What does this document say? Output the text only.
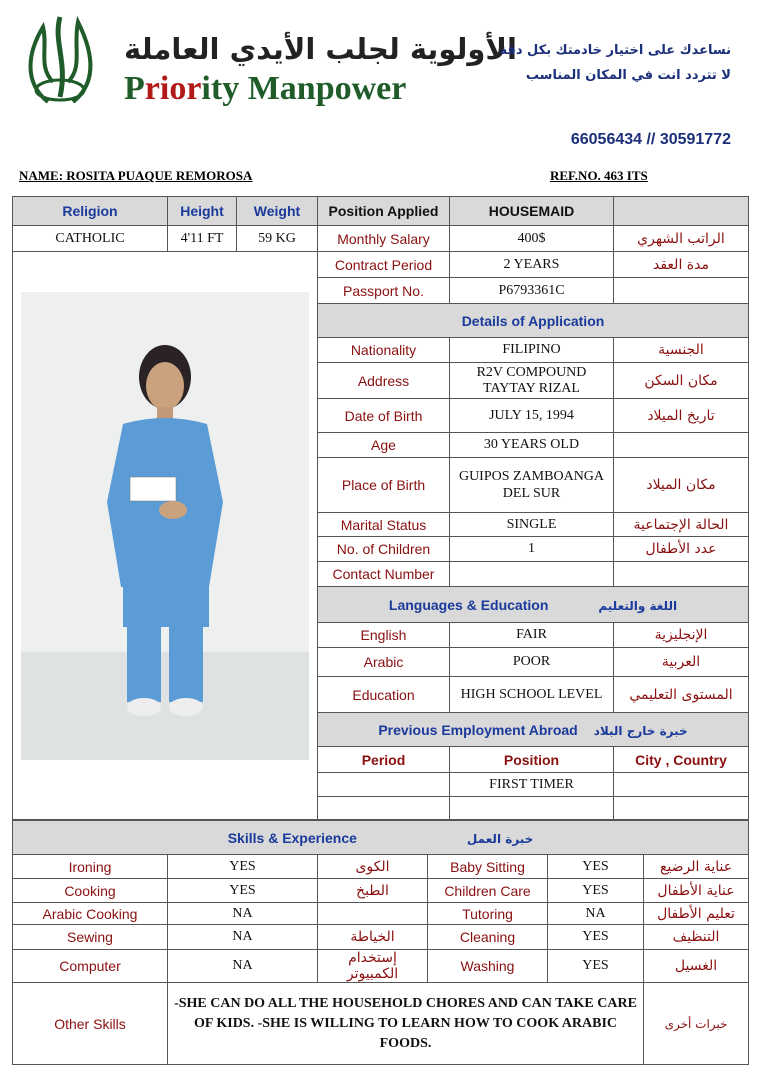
الأولوية لجلب الأيدي العاملة
Priority Manpower
نساعدك على اختيار خادمتك بكل دقة
لا تتردد انت في المكان المناسب
66056434 // 30591772
NAME: ROSITA PUAQUE REMOROSA	REF.NO. 463 ITS
Religion	Height	Weight	Position Applied	HOUSEMAID	
CATHOLIC	4'11 FT	59 KG	Monthly Salary	400$	الراتب الشهري

	Contract Period	2 YEARS	مدة العقد
			Passport No.	P6793361C	
			Details of Application		
			Nationality	FILIPINO	الجنسية
			Address	R2V COMPOUND TAYTAY RIZAL	مكان السكن
			Date of Birth	JULY 15, 1994	تاريخ الميلاد
			Age	30 YEARS OLD	
			Place of Birth	GUIPOS ZAMBOANGA DEL SUR	مكان الميلاد
			Marital Status	SINGLE	الحالة الإجتماعية
			No. of Children	1	عدد الأطفال
			Contact Number		
			Languages & Education اللغة والتعليم		
			English	FAIR	الإنجليزية
			Arabic	POOR	العربية
			Education	HIGH SCHOOL LEVEL	المستوى التعليمي
			Previous Employment Abroad خبرة خارج البلاد		
			Period	Position	City , Country
				FIRST TIMER	

Skills & Experience خبرة العمل					
Ironing	YES	الكوى	Baby Sitting	YES	عناية الرضيع
Cooking	YES	الطبخ	Children Care	YES	عناية الأطفال
Arabic Cooking	NA		Tutoring	NA	تعليم الأطفال
Sewing	NA	الخياطة	Cleaning	YES	التنظيف
Computer	NA	إستخدام الكمبيوتر	Washing	YES	الغسيل
Other Skills	-SHE CAN DO ALL THE HOUSEHOLD CHORES AND CAN TAKE CARE OF KIDS. -SHE IS WILLING TO LEARN HOW TO COOK ARABIC FOODS.				خبرات أخرى
